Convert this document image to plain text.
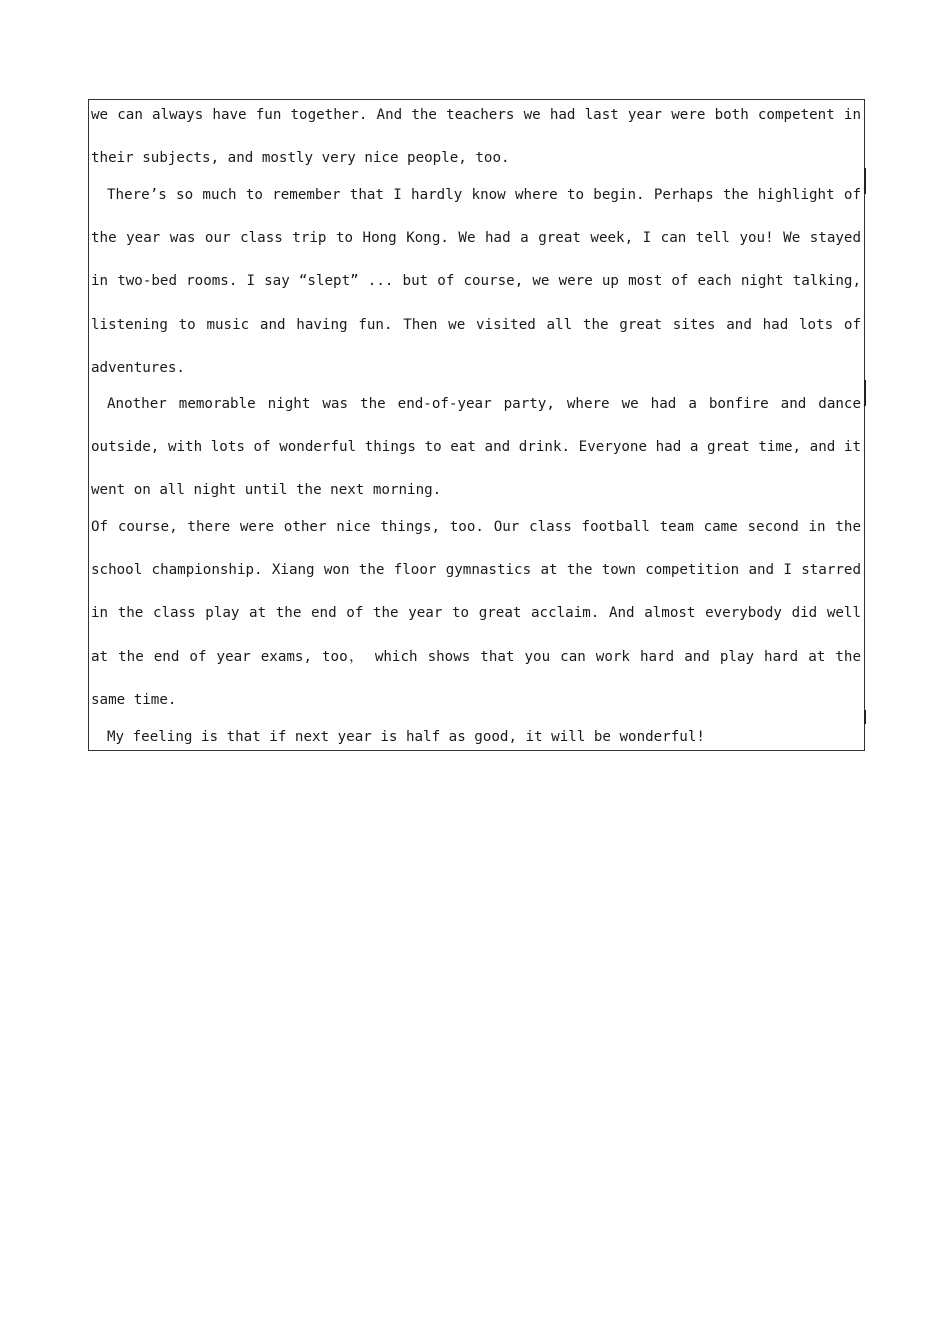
we can always have fun together. And the teachers we had last year were both competent in their subjects, and mostly very nice people, too.

There’s so much to remember that I hardly know where to begin. Perhaps the highlight of the year was our class trip to Hong Kong. We had a great week, I can tell you! We stayed in two-bed rooms. I say “slept” ... but of course, we were up most of each night talking, listening to music and having fun. Then we visited all the great sites and had lots of adventures.

Another memorable night was the end-of-year party, where we had a bonfire and dance outside, with lots of wonderful things to eat and drink. Everyone had a great time, and it went on all night until the next morning.

Of course, there were other nice things, too. Our class football team came second in the school championship. Xiang won the floor gymnastics at the town competition and I starred in the class play at the end of the year to great acclaim. And almost everybody did well at the end of year exams, too， which shows that you can work hard and play hard at the same time.

My feeling is that if next year is half as good, it will be wonderful!
